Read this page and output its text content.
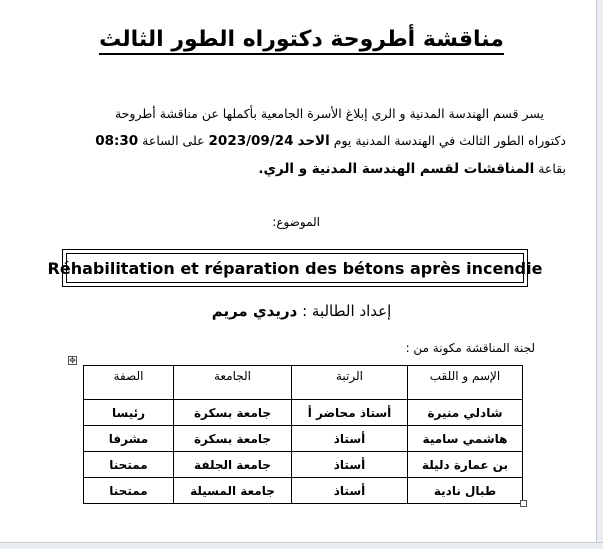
مناقشة أطروحة دكتوراه الطور الثالث
يسر قسم الهندسة المدنية و الري إبلاغ الأسرة الجامعية بأكملها عن مناقشة أطروحة
دكتوراه الطور الثالث في الهندسة المدنية يوم الاحد 2023/09/24 على الساعة 08:30
بقاعة المناقشات لقسم الهندسة المدنية و الري.
الموضوع:
Réhabilitation et réparation des bétons après incendie
إعداد الطالبة : دريدي مريم
لجنة المناقشة مكونة من :
✥
الإسم و اللقب	الرتبة	الجامعة	الصفة
شادلي منيرة	أستاذ محاضر أ	جامعة بسكرة	رئيسا
هاشمي سامية	أستاذ	جامعة بسكرة	مشرفا
بن عمارة دليلة	أستاذ	جامعة الجلفة	ممتحنا
طبال نادية	أستاذ	جامعة المسيلة	ممتحنا
